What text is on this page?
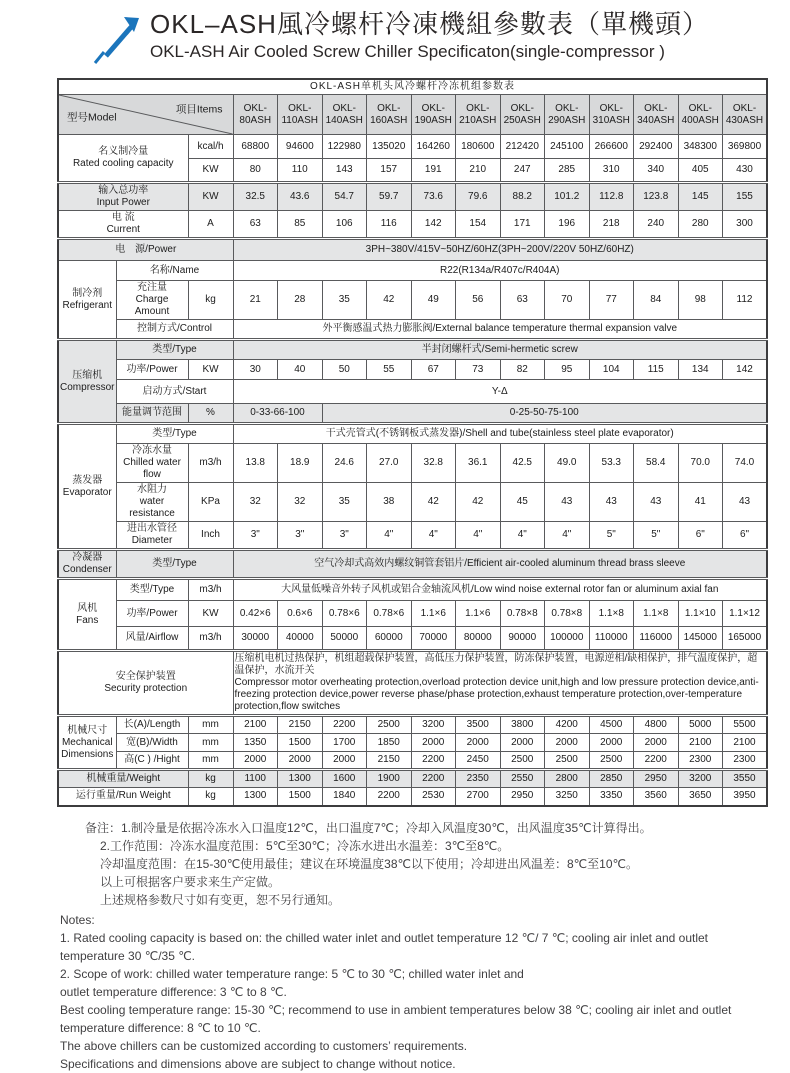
OKL–ASH風冷螺杆冷凍機組參數表（單機頭）
OKL-ASH Air Cooled Screw Chiller Specificaton(single-compressor )
OKL-ASH单机头风冷螺杆冷冻机组参数表														

型号Model
项目Items			OKL-80ASH	OKL-110ASH	OKL-140ASH	OKL-160ASH	OKL-190ASH	OKL-210ASH	OKL-250ASH	OKL-290ASH	OKL-310ASH	OKL-340ASH	OKL-400ASH	OKL-430ASH

名义制冷量
Rated cooling capacity		kcal/h	68800	94600	122980	135020	164260	180600	212420	245100	266600	292400	348300	369800
		KW	80	110	143	157	191	210	247	285	310	340	405	430

输入总功率
Input Power		KW	32.5	43.6	54.7	59.7	73.6	79.6	88.2	101.2	112.8	123.8	145	155

电 流
Current		A	63	85	106	116	142	154	171	196	218	240	280	300
电　源/Power			3PH~380V/415V~50HZ/60HZ(3PH~200V/220V 50HZ/60HZ)											

制冷剂
Refrigerant	名称/Name		R22(R134a/R407c/R404A)											

	充注量
Charge Amount	kg	21	28	35	42	49	56	63	70	77	84	98	112
	控制方式/Control		外平衡感温式热力膨胀阀/External balance temperature thermal expansion valve											

压缩机
Compressor	类型/Type		半封闭螺杆式/Semi-hermetic screw											
	功率/Power	KW	30	40	50	55	67	73	82	95	104	115	134	142
	启动方式/Start		Y-Δ											
	能量调节范围	%	0-33-66-100		0-25-50-75-100									

蒸发器
Evaporator	类型/Type		干式壳管式(不锈钢板式蒸发器)/Shell and tube(stainless steel plate evaporator)											

	冷冻水量
Chilled water flow	m3/h	13.8	18.9	24.6	27.0	32.8	36.1	42.5	49.0	53.3	58.4	70.0	74.0

	水阻力
water resistance	KPa	32	32	35	38	42	42	45	43	43	43	41	43

	进出水管径
Diameter	Inch	3"	3"	3"	4"	4"	4"	4"	4"	5"	5"	6"	6"

冷凝器
Condenser	类型/Type		空气冷却式高效内螺纹铜管套铝片/Efficient air-cooled aluminum thread brass sleeve											

风机
Fans	类型/Type	m3/h	大风量低噪音外转子风机或铝合金轴流风机/Low wind noise external rotor fan or aluminum axial fan											
	功率/Power	KW	0.42×6	0.6×6	0.78×6	0.78×6	1.1×6	1.1×6	0.78×8	0.78×8	1.1×8	1.1×8	1.1×10	1.1×12
	风量/Airflow	m3/h	30000	40000	50000	60000	70000	80000	90000	100000	110000	116000	145000	165000

安全保护装置
Security protection

压缩机电机过热保护，机组超载保护装置，高低压力保护装置，防冻保护装置，电源逆相/缺相保护，排气温度保护，超温保护，水流开关
Compressor motor overheating protection,overload protection device unit,high and low pressure protection device,anti-freezing protection device,power reverse phase/phase protection,exhaust temperature protection,over-temperature protection,flow switches

机械尺寸
Mechanical
Dimensions	长(A)/Length	mm	2100	2150	2200	2500	3200	3500	3800	4200	4500	4800	5000	5500
	宽(B)/Width	mm	1350	1500	1700	1850	2000	2000	2000	2000	2000	2000	2100	2100
	高(C ) /Hight	mm	2000	2000	2000	2150	2200	2450	2500	2500	2500	2200	2300	2300
机械重量/Weight		kg	1100	1300	1600	1900	2200	2350	2550	2800	2850	2950	3200	3550
运行重量/Run Weight		kg	1300	1500	1840	2200	2530	2700	2950	3250	3350	3560	3650	3950
备注：1.制冷量是依据冷冻水入口温度12℃，出口温度7℃；冷却入风温度30℃，出风温度35℃计算得出。
2.工作范围：冷冻水温度范围：5℃至30℃；冷冻水进出水温差：3℃至8℃。
冷却温度范围：在15-30℃使用最佳；建议在环境温度38℃以下使用；冷却进出风温差：8℃至10℃。
以上可根据客户要求来生产定做。
上述规格参数尺寸如有变更，恕不另行通知。
Notes:
1. Rated cooling capacity is based on: the chilled water inlet and outlet temperature 12 ℃/ 7 ℃; cooling air inlet and outlet temperature 30 ℃/35 ℃.
2. Scope of work: chilled water temperature range: 5 ℃ to 30 ℃; chilled water inlet and
outlet temperature difference: 3 ℃ to 8 ℃.
Best cooling temperature range: 15-30 ℃; recommend to use in ambient temperatures below 38 ℃; cooling air inlet and outlet temperature difference: 8 ℃ to 10 ℃.
The above chillers can be customized according to customers’ requirements.
Specifications and dimensions above are subject to change without notice.
